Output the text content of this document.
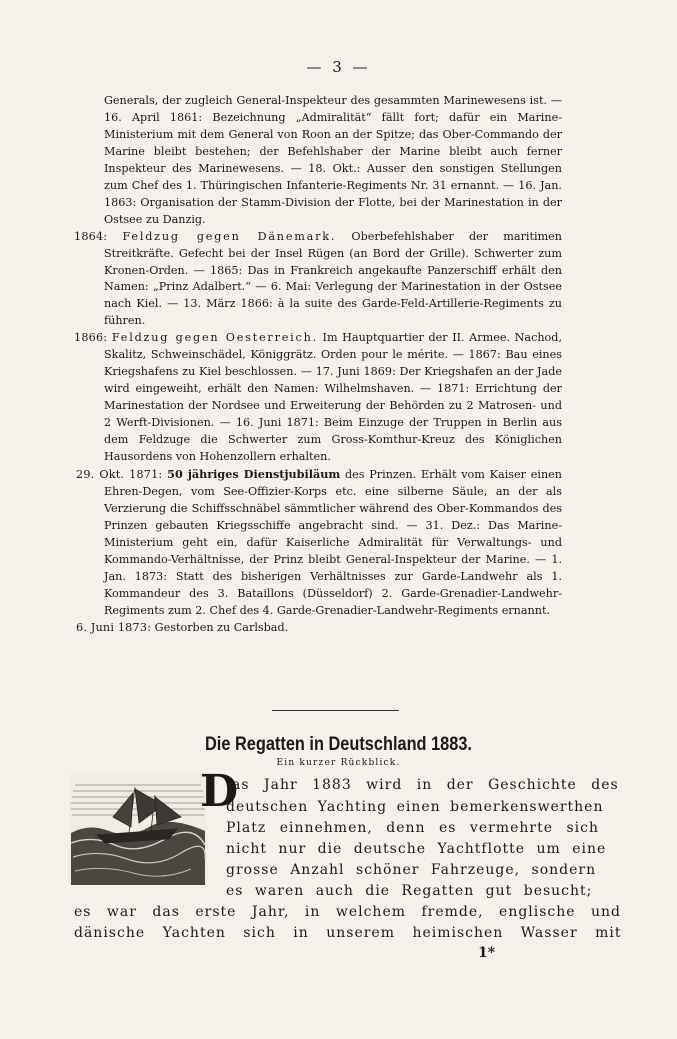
— 3 —

Generals, der zugleich General-Inspekteur des gesammten Marinewesens ist. — 16. April 1861: Bezeichnung „Admiralität“ fällt fort; dafür ein Marine-Ministerium mit dem General von Roon an der Spitze; das Ober-Commando der Marine bleibt bestehen; der Befehlshaber der Marine bleibt auch ferner Inspekteur des Marinewesens. — 18. Okt.: Ausser den sonstigen Stellungen zum Chef des 1. Thüringischen Infanterie-Regiments Nr. 31 ernannt. — 16. Jan. 1863: Organisation der Stamm-Division der Flotte, bei der Marinestation in der Ostsee zu Danzig.

1864: Feldzug gegen Dänemark. Oberbefehlshaber der maritimen Streitkräfte. Gefecht bei der Insel Rügen (an Bord der Grille). Schwerter zum Kronen-Orden. — 1865: Das in Frankreich angekaufte Panzerschiff erhält den Namen: „Prinz Adalbert.“ — 6. Mai: Verlegung der Marinestation in der Ostsee nach Kiel. — 13. März 1866: à la suite des Garde-Feld-Artillerie-Regiments zu führen.

1866: Feldzug gegen Oesterreich. Im Hauptquartier der II. Armee. Nachod, Skalitz, Schweinschädel, Königgrätz. Orden pour le mérite. — 1867: Bau eines Kriegshafens zu Kiel beschlossen. — 17. Juni 1869: Der Kriegshafen an der Jade wird eingeweiht, erhält den Namen: Wilhelmshaven. — 1871: Errichtung der Marinestation der Nordsee und Erweiterung der Behörden zu 2 Matrosen- und 2 Werft-Divisionen. — 16. Juni 1871: Beim Einzuge der Truppen in Berlin aus dem Feldzuge die Schwerter zum Gross-Komthur-Kreuz des Königlichen Hausordens von Hohenzollern erhalten.

29. Okt. 1871: 50 jähriges Dienstjubiläum des Prinzen. Erhält vom Kaiser einen Ehren-Degen, vom See-Offizier-Korps etc. eine silberne Säule, an der als Verzierung die Schiffsschnäbel sämmtlicher während des Ober-Kommandos des Prinzen gebauten Kriegsschiffe angebracht sind. — 31. Dez.: Das Marine-Ministerium geht ein, dafür Kaiserliche Admiralität für Verwaltungs- und Kommando-Verhältnisse, der Prinz bleibt General-Inspekteur der Marine. — 1. Jan. 1873: Statt des bisherigen Verhältnisses zur Garde-Landwehr als 1. Kommandeur des 3. Bataillons (Düsseldorf) 2. Garde-Grenadier-Landwehr-Regiments zum 2. Chef des 4. Garde-Grenadier-Landwehr-Regiments ernannt.

6. Juni 1873: Gestorben zu Carlsbad.

Die Regatten in Deutschland 1883.
Ein kurzer Rückblick.
D
as Jahr 1883 wird in der Geschichte des
deutschen Yachting einen bemerkenswerthen
Platz einnehmen, denn es vermehrte sich
nicht nur die deutsche Yachtflotte um eine
grosse Anzahl schöner Fahrzeuge, sondern
es waren auch die Regatten gut besucht;
es war das erste Jahr, in welchem fremde, englische und
dänische Yachten sich in unserem heimischen Wasser mit
1*
